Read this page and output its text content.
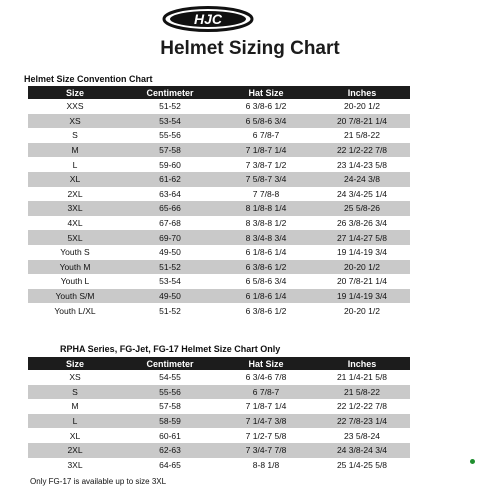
HJC
Helmet Sizing Chart
Helmet Size Convention Chart
Size	Centimeter	Hat Size	Inches
XXS	51-52	6 3/8-6 1/2	20-20 1/2
XS	53-54	6 5/8-6 3/4	20 7/8-21 1/4
S	55-56	6 7/8-7	21 5/8-22
M	57-58	7 1/8-7 1/4	22 1/2-22 7/8
L	59-60	7 3/8-7 1/2	23 1/4-23 5/8
XL	61-62	7 5/8-7 3/4	24-24 3/8
2XL	63-64	7 7/8-8	24 3/4-25 1/4
3XL	65-66	8 1/8-8 1/4	25 5/8-26
4XL	67-68	8 3/8-8 1/2	26 3/8-26 3/4
5XL	69-70	8 3/4-8 3/4	27 1/4-27 5/8
Youth S	49-50	6 1/8-6 1/4	19 1/4-19 3/4
Youth M	51-52	6 3/8-6 1/2	20-20 1/2
Youth L	53-54	6 5/8-6 3/4	20 7/8-21 1/4
Youth S/M	49-50	6 1/8-6 1/4	19 1/4-19 3/4
Youth L/XL	51-52	6 3/8-6 1/2	20-20 1/2
RPHA Series, FG-Jet, FG-17 Helmet Size Chart Only
Size	Centimeter	Hat Size	Inches
XS	54-55	6 3/4-6 7/8	21 1/4-21 5/8
S	55-56	6 7/8-7	21 5/8-22
M	57-58	7 1/8-7 1/4	22 1/2-22 7/8
L	58-59	7 1/4-7 3/8	22 7/8-23 1/4
XL	60-61	7 1/2-7 5/8	23 5/8-24
2XL	62-63	7 3/4-7 7/8	24 3/8-24 3/4
3XL	64-65	8-8 1/8	25 1/4-25 5/8
Only FG-17 is available up to size 3XL
